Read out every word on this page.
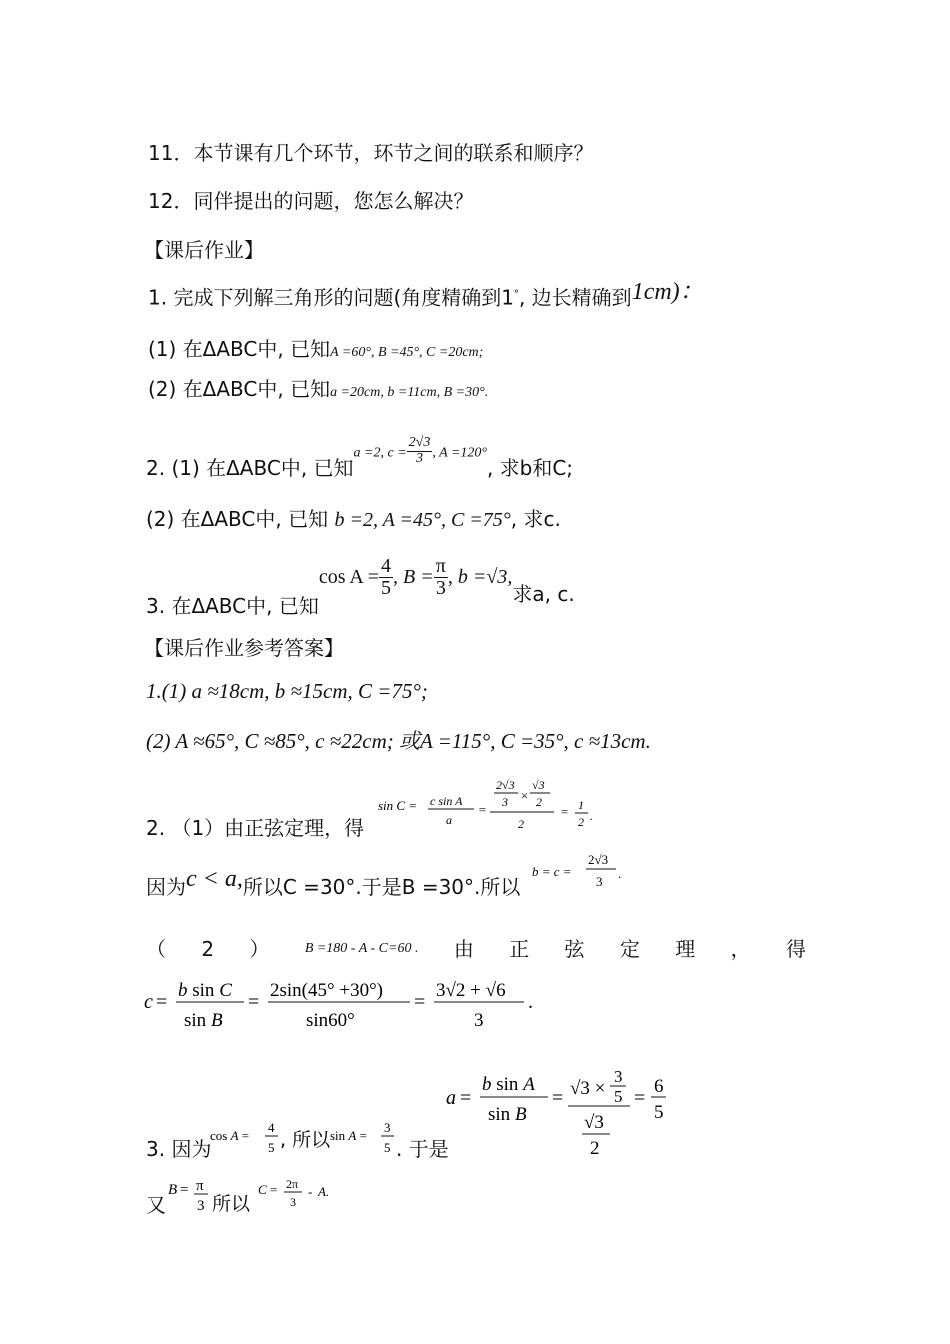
11．本节课有几个环节，环节之间的联系和顺序？
12．同伴提出的问题，您怎么解决？
【课后作业】
1. 完成下列解三角形的问题(角度精确到1°, 边长精确到1cm)：
(1) 在ΔABC中, 已知A =60°, B =45°, C =20cm;
(2) 在ΔABC中, 已知a =20cm, b =11cm, B =30°.
2. (1) 在ΔABC中, 已知a =2, $c = \frac{2√3}{3}$ , A =120°, 求b和C;
(2) 在ΔABC中, 已知 b =2, A =45°, C =75°, 求c.
3. 在ΔABC中, 已知$\cos A = \frac{4}{5}$ , $B = \frac{\pi}{3}$ , b =√3,求a, c.
【课后作业参考答案】
1.(1) a ≈18cm, b ≈15cm, C =75°;
(2) A ≈65°, C ≈85°, c ≈22cm; 或A =115°, C =35°, c ≈13cm.
2. （1）由正弦定理，得
sin C = c sin A
a
=
2√3
3 ×
√3
2
2
= 1
2 .
因为c < a,所以C =30°.于是B =30°.所以
b = c =
2√3
3
.
（ 2 ）	B =180 - A - C=60 . 由 正 弦 定 理 ， 得
c =
b sin C
sin B
=
2sin(45° +30°)
sin60°
=
3√2 + √6
3
.
3. 因为
cos A =
4
5 , 所以 sin A =
3
5 . 于是
a =
b sin A
sin B
= √3 ×
3
5
√3
2
=
6
5
又
B = π
3 所以
C = 2π
3
- A.
